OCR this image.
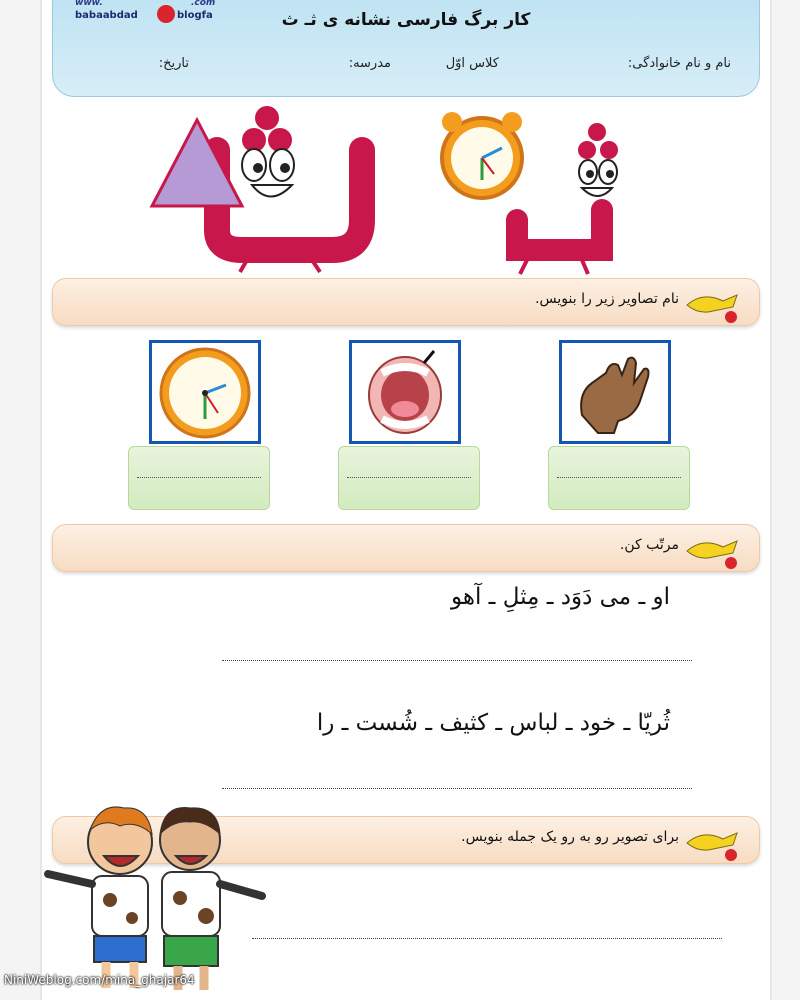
www.	.com
babaabdad	blogfa	کار برگ فارسی نشانه ی ثـ ث
نام و نام خانوادگی:
کلاس اوّل
مدرسه:
تاریخ:
نام تصاویر زیر را بنویس.
مرتّب کن.
او ـ می دَوَد ـ مِثلِ ـ آهو
ثُریّا ـ خود ـ لباس ـ کثیف ـ شُست ـ را
برای تصویر رو به رو یک جمله بنویس.
NiniWeblog.com/mina_ghajar64
